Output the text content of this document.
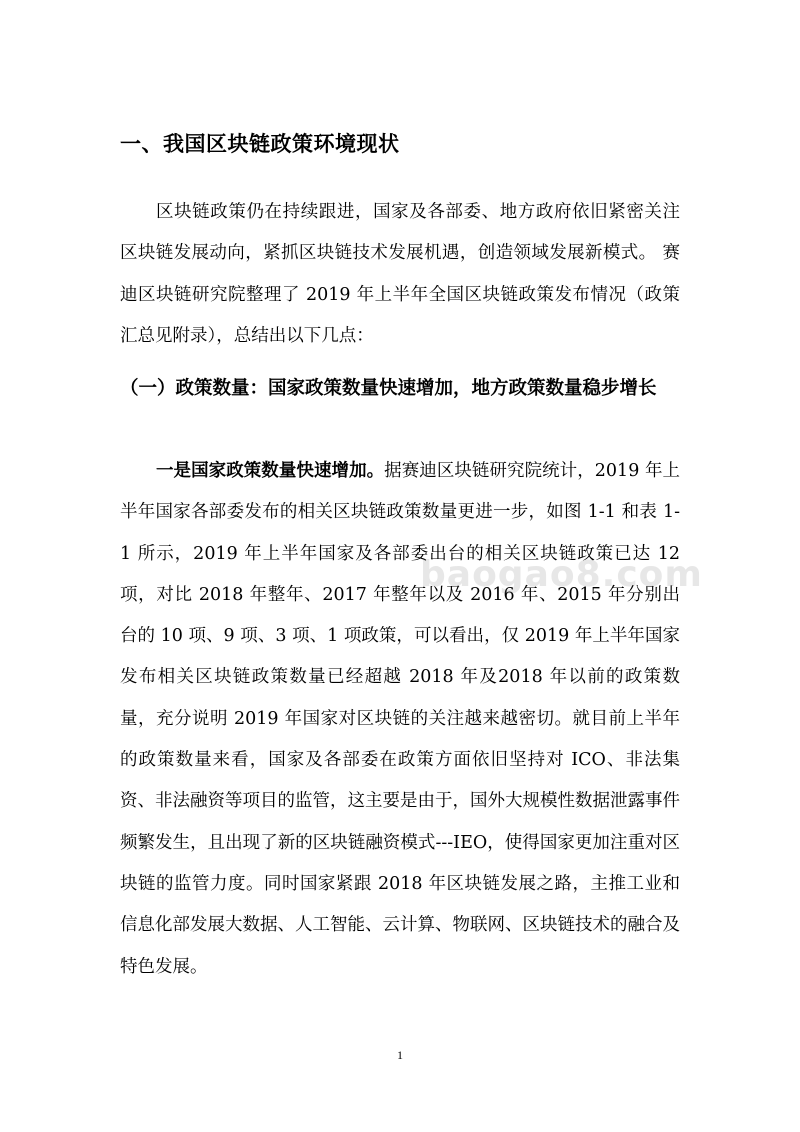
一、我国区块链政策环境现状

区块链政策仍在持续跟进，国家及各部委、地方政府依旧紧密关注区块链发展动向，紧抓区块链技术发展机遇，创造领域发展新模式。 赛迪区块链研究院整理了 2019 年上半年全国区块链政策发布情况（政策汇总见附录），总结出以下几点：

（一）政策数量：国家政策数量快速增加，地方政策数量稳步增长

一是国家政策数量快速增加。据赛迪区块链研究院统计，2019 年上半年国家各部委发布的相关区块链政策数量更进一步，如图 1-1 和表 1-1 所示，2019 年上半年国家及各部委出台的相关区块链政策已达 12 项，对比 2018 年整年、2017 年整年以及 2016 年、2015 年分别出台的 10 项、9 项、3 项、1 项政策，可以看出，仅 2019 年上半年国家发布相关区块链政策数量已经超越 2018 年及2018 年以前的政策数量，充分说明 2019 年国家对区块链的关注越来越密切。就目前上半年的政策数量来看，国家及各部委在政策方面依旧坚持对 ICO、非法集资、非法融资等项目的监管，这主要是由于，国外大规模性数据泄露事件频繁发生，且出现了新的区块链融资模式---IEO，使得国家更加注重对区块链的监管力度。同时国家紧跟 2018 年区块链发展之路，主推工业和信息化部发展大数据、人工智能、云计算、物联网、区块链技术的融合及特色发展。

baogao8.com
1
